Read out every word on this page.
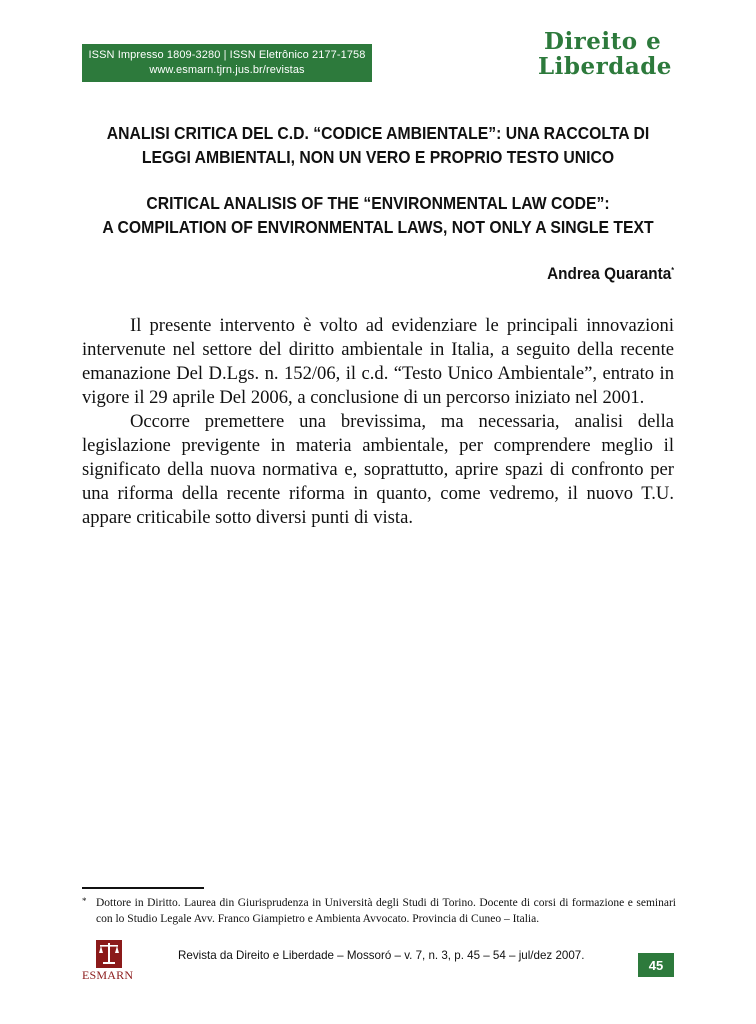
ISSN Impresso 1809-3280 | ISSN Eletrônico 2177-1758
www.esmarn.tjrn.jus.br/revistas
Direito e
Liberdade
ANALISI CRITICA DEL C.D. “CODICE AMBIENTALE”: UNA RACCOLTA DI
LEGGI AMBIENTALI, NON UN VERO E PROPRIO TESTO UNICO
CRITICAL ANALISIS OF THE “ENVIRONMENTAL LAW CODE”:
A COMPILATION OF ENVIRONMENTAL LAWS, NOT ONLY A SINGLE TEXT
Andrea Quaranta*

Il presente intervento è volto ad evidenziare le principali innovazioni intervenute nel settore del diritto ambientale in Italia, a seguito della recente emanazione Del D.Lgs. n. 152/06, il c.d. “Testo Unico Ambientale”, entrato in vigore il 29 aprile Del 2006, a conclusione di un percorso iniziato nel 2001.

Occorre premettere una brevissima, ma necessaria, analisi della legislazione previgente in materia ambientale, per comprendere meglio il significato della nuova normativa e, soprattutto, aprire spazi di confronto per una riforma della recente riforma in quanto, come vedremo, il nuovo T.U. appare criticabile sotto diversi punti di vista.

* Dottore in Diritto. Laurea din Giurisprudenza in Università degli Studi di Torino. Docente di corsi di formazione e seminari con lo Studio Legale Avv. Franco Giampietro e Ambienta Avvocato. Provincia di Cuneo – Italia.
ESMARN
Revista da Direito e Liberdade – Mossoró – v. 7, n. 3, p. 45 – 54 – jul/dez 2007.
45
